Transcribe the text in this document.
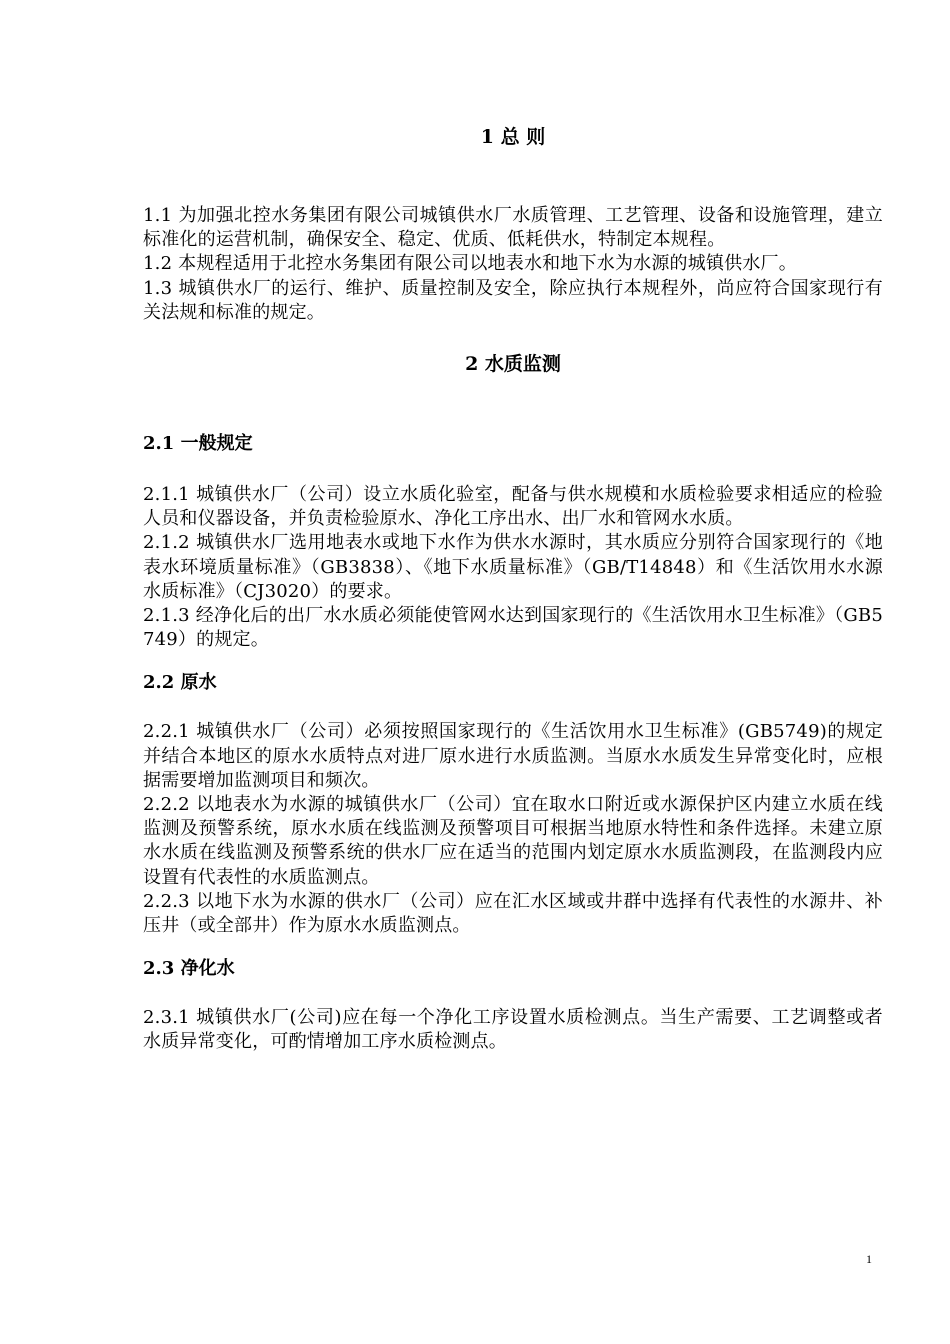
1 总 则

1.1 为加强北控水务集团有限公司城镇供水厂水质管理、工艺管理、设备和设施管理，建立标准化的运营机制，确保安全、稳定、优质、低耗供水，特制定本规程。

1.2 本规程适用于北控水务集团有限公司以地表水和地下水为水源的城镇供水厂。

1.3 城镇供水厂的运行、维护、质量控制及安全，除应执行本规程外，尚应符合国家现行有关法规和标准的规定。

2 水质监测
2.1 一般规定

2.1.1 城镇供水厂（公司）设立水质化验室，配备与供水规模和水质检验要求相适应的检验人员和仪器设备，并负责检验原水、净化工序出水、出厂水和管网水水质。

2.1.2 城镇供水厂选用地表水或地下水作为供水水源时，其水质应分别符合国家现行的《地表水环境质量标准》（GB3838）、《地下水质量标准》（GB/T14848）和《生活饮用水水源水质标准》（CJ3020）的要求。

2.1.3 经净化后的出厂水水质必须能使管网水达到国家现行的《生活饮用水卫生标准》（GB5749）的规定。

2.2 原水

2.2.1 城镇供水厂（公司）必须按照国家现行的《生活饮用水卫生标准》(GB5749)的规定并结合本地区的原水水质特点对进厂原水进行水质监测。当原水水质发生异常变化时，应根据需要增加监测项目和频次。

2.2.2 以地表水为水源的城镇供水厂（公司）宜在取水口附近或水源保护区内建立水质在线监测及预警系统，原水水质在线监测及预警项目可根据当地原水特性和条件选择。未建立原水水质在线监测及预警系统的供水厂应在适当的范围内划定原水水质监测段，在监测段内应设置有代表性的水质监测点。

2.2.3 以地下水为水源的供水厂（公司）应在汇水区域或井群中选择有代表性的水源井、补压井（或全部井）作为原水水质监测点。

2.3 净化水

2.3.1 城镇供水厂(公司)应在每一个净化工序设置水质检测点。当生产需要、工艺调整或者水质异常变化，可酌情增加工序水质检测点。

1
